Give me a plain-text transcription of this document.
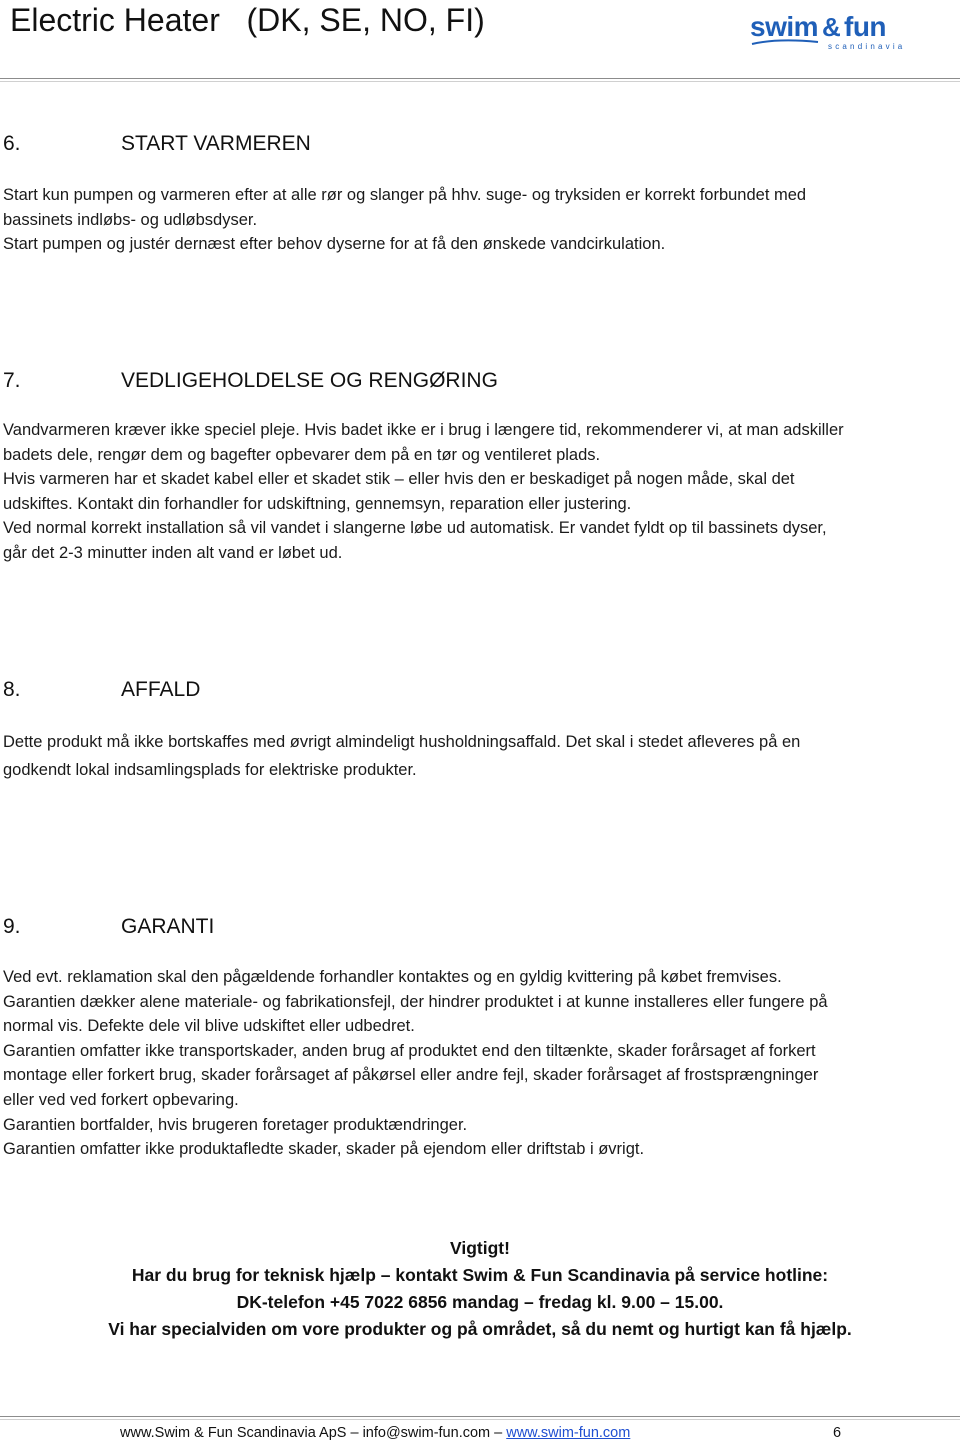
Electric Heater   (DK, SE, NO, FI)	swim & fun
scandinavia
6.	START VARMEREN

Start kun pumpen og varmeren efter at alle rør og slanger på hhv. suge- og tryksiden er korrekt forbundet med

bassinets indløbs- og udløbsdyser.

Start pumpen og justér dernæst efter behov dyserne for at få den ønskede vandcirkulation.

7.	VEDLIGEHOLDELSE OG RENGØRING

Vandvarmeren kræver ikke speciel pleje. Hvis badet ikke er i brug i længere tid, rekommenderer vi, at man adskiller

badets dele, rengør dem og bagefter opbevarer dem på en tør og ventileret plads.

Hvis varmeren har et skadet kabel eller et skadet stik – eller hvis den er beskadiget på nogen måde, skal det

udskiftes. Kontakt din forhandler for udskiftning, gennemsyn, reparation eller justering.

Ved normal korrekt installation så vil vandet i slangerne løbe ud automatisk. Er vandet fyldt op til bassinets dyser,

går det 2-3 minutter inden alt vand er løbet ud.

8.	AFFALD

Dette produkt må ikke bortskaffes med øvrigt almindeligt husholdningsaffald. Det skal i stedet afleveres på en

godkendt lokal indsamlingsplads for elektriske produkter.

9.	GARANTI

Ved evt. reklamation skal den pågældende forhandler kontaktes og en gyldig kvittering på købet fremvises.

Garantien dækker alene materiale- og fabrikationsfejl, der hindrer produktet i at kunne installeres eller fungere på

normal vis. Defekte dele vil blive udskiftet eller udbedret.

Garantien omfatter ikke transportskader, anden brug af produktet end den tiltænkte, skader forårsaget af forkert

montage eller forkert brug, skader forårsaget af påkørsel eller andre fejl, skader forårsaget af frostsprængninger

eller ved ved forkert opbevaring.

Garantien bortfalder, hvis brugeren foretager produktændringer.

Garantien omfatter ikke produktafledte skader, skader på ejendom eller driftstab i øvrigt.

Vigtigt!
Har du brug for teknisk hjælp – kontakt Swim & Fun Scandinavia på service hotline:
DK-telefon +45 7022 6856 mandag – fredag kl. 9.00 – 15.00.
Vi har specialviden om vore produkter og på området, så du nemt og hurtigt kan få hjælp.
www.Swim & Fun Scandinavia ApS – info@swim-fun.com – www.swim-fun.com	6
